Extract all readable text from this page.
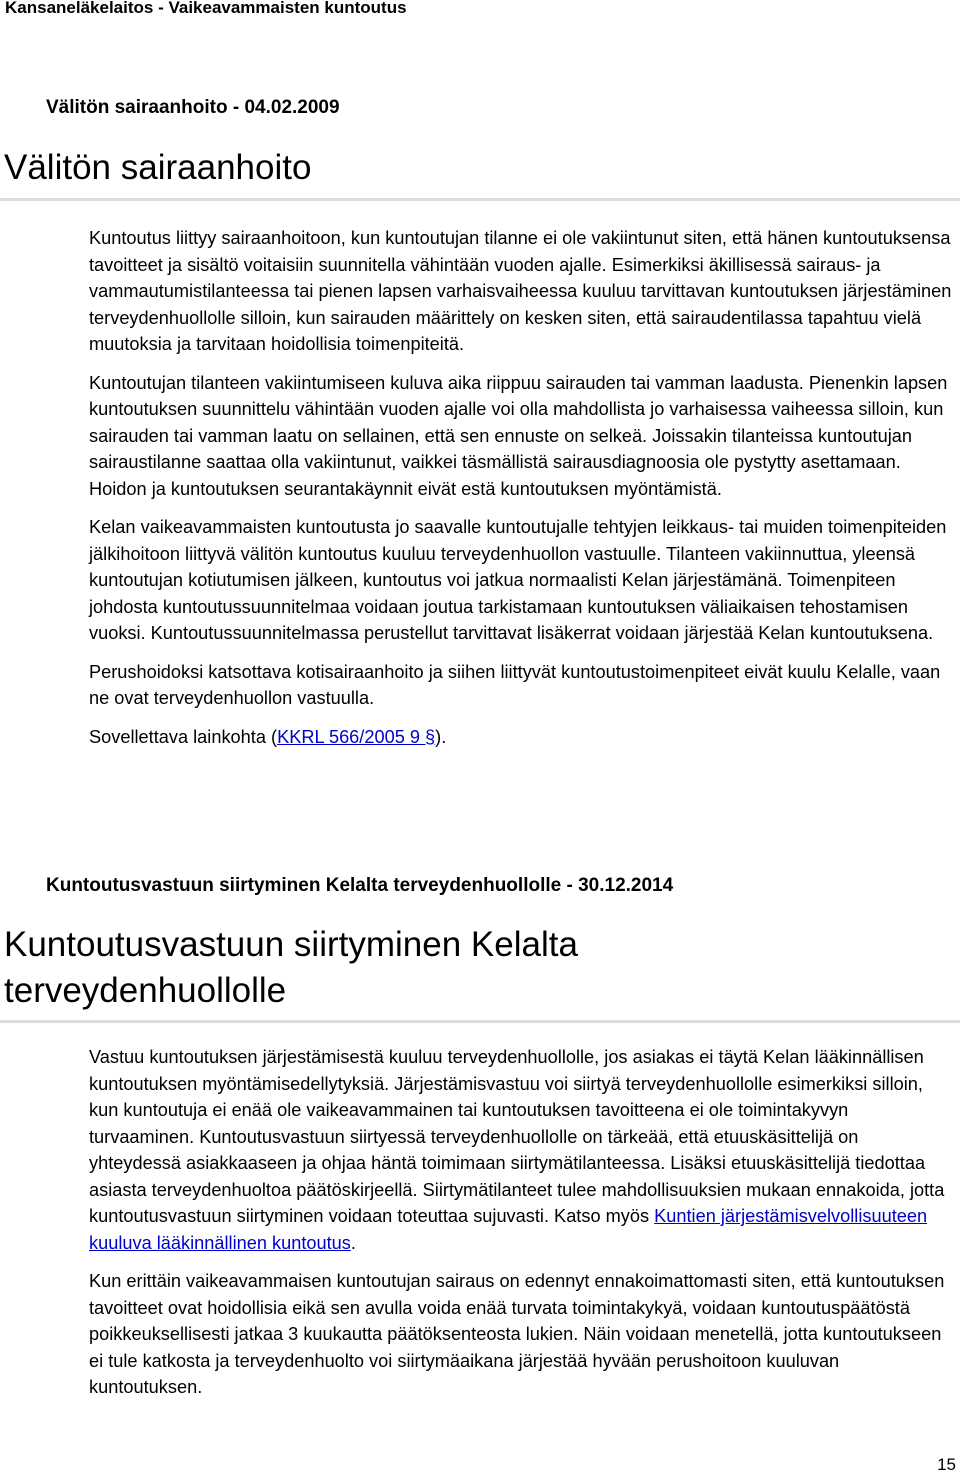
Kansaneläkelaitos - Vaikeavammaisten kuntoutus
Välitön sairaanhoito - 04.02.2009
Välitön sairaanhoito

Kuntoutus liittyy sairaanhoitoon, kun kuntoutujan tilanne ei ole vakiintunut siten, että hänen kuntoutuksensa tavoitteet ja sisältö voitaisiin suunnitella vähintään vuoden ajalle. Esimerkiksi äkillisessä sairaus- ja vammautumistilanteessa tai pienen lapsen varhaisvaiheessa kuuluu tarvittavan kuntoutuksen järjestäminen terveydenhuollolle silloin, kun sairauden määrittely on kesken siten, että sairaudentilassa tapahtuu vielä muutoksia ja tarvitaan hoidollisia toimenpiteitä.

Kuntoutujan tilanteen vakiintumiseen kuluva aika riippuu sairauden tai vamman laadusta. Pienenkin lapsen kuntoutuksen suunnittelu vähintään vuoden ajalle voi olla mahdollista jo varhaisessa vaiheessa silloin, kun sairauden tai vamman laatu on sellainen, että sen ennuste on selkeä. Joissakin tilanteissa kuntoutujan sairaustilanne saattaa olla vakiintunut, vaikkei täsmällistä sairausdiagnoosia ole pystytty asettamaan. Hoidon ja kuntoutuksen seurantakäynnit eivät estä kuntoutuksen myöntämistä.

Kelan vaikeavammaisten kuntoutusta jo saavalle kuntoutujalle tehtyjen leikkaus- tai muiden toimenpiteiden jälkihoitoon liittyvä välitön kuntoutus kuuluu terveydenhuollon vastuulle. Tilanteen vakiinnuttua, yleensä kuntoutujan kotiutumisen jälkeen, kuntoutus voi jatkua normaalisti Kelan järjestämänä. Toimenpiteen johdosta kuntoutussuunnitelmaa voidaan joutua tarkistamaan kuntoutuksen väliaikaisen tehostamisen vuoksi. Kuntoutussuunnitelmassa perustellut tarvittavat lisäkerrat voidaan järjestää Kelan kuntoutuksena.

Perushoidoksi katsottava kotisairaanhoito ja siihen liittyvät kuntoutustoimenpiteet eivät kuulu Kelalle, vaan ne ovat terveydenhuollon vastuulla.

Sovellettava lainkohta (KKRL 566/2005 9 §).

Kuntoutusvastuun siirtyminen Kelalta terveydenhuollolle - 30.12.2014
Kuntoutusvastuun siirtyminen Kelalta
terveydenhuollolle

Vastuu kuntoutuksen järjestämisestä kuuluu terveydenhuollolle, jos asiakas ei täytä Kelan lääkinnällisen kuntoutuksen myöntämisedellytyksiä. Järjestämisvastuu voi siirtyä terveydenhuollolle esimerkiksi silloin, kun kuntoutuja ei enää ole vaikeavammainen tai kuntoutuksen tavoitteena ei ole toimintakyvyn turvaaminen. Kuntoutusvastuun siirtyessä terveydenhuollolle on tärkeää, että etuuskäsittelijä on yhteydessä asiakkaaseen ja ohjaa häntä toimimaan siirtymätilanteessa. Lisäksi etuuskäsittelijä tiedottaa asiasta terveydenhuoltoa päätöskirjeellä. Siirtymätilanteet tulee mahdollisuuksien mukaan ennakoida, jotta kuntoutusvastuun siirtyminen voidaan toteuttaa sujuvasti. Katso myös Kuntien järjestämisvelvollisuuteen kuuluva lääkinnällinen kuntoutus.

Kun erittäin vaikeavammaisen kuntoutujan sairaus on edennyt ennakoimattomasti siten, että kuntoutuksen tavoitteet ovat hoidollisia eikä sen avulla voida enää turvata toimintakykyä, voidaan kuntoutuspäätöstä poikkeuksellisesti jatkaa 3 kuukautta päätöksenteosta lukien. Näin voidaan menetellä, jotta kuntoutukseen ei tule katkosta ja terveydenhuolto voi siirtymäaikana järjestää hyvään perushoitoon kuuluvan kuntoutuksen.

15
